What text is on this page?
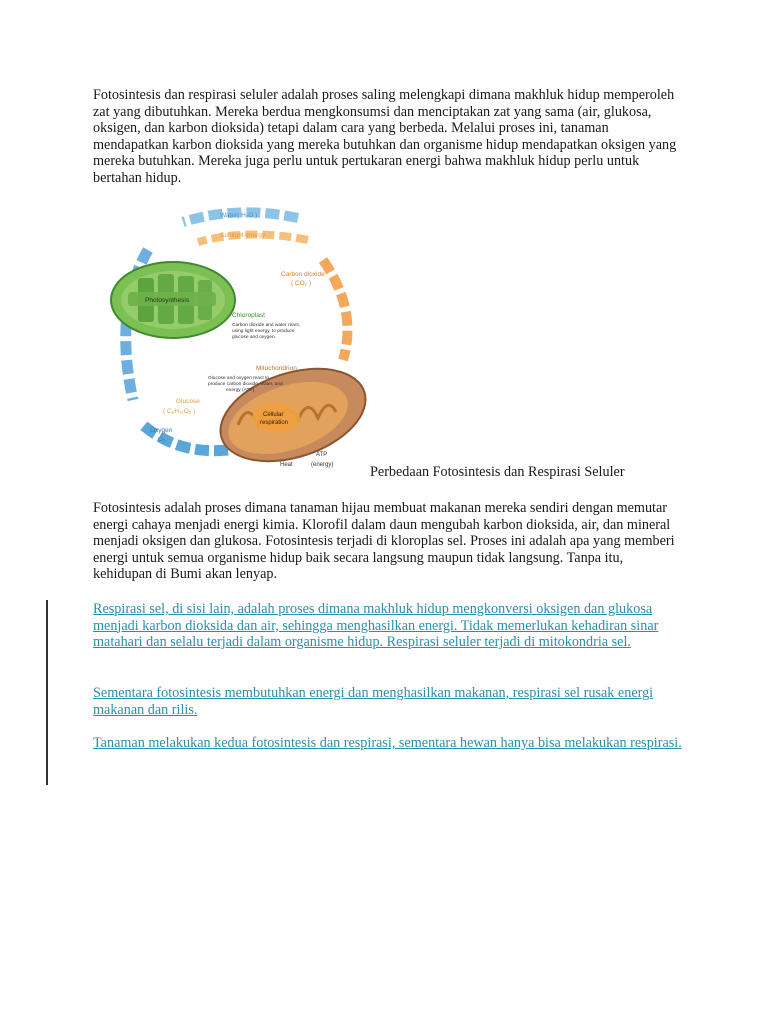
Fotosintesis dan respirasi seluler adalah proses saling melengkapi dimana makhluk hidup memperoleh zat yang dibutuhkan. Mereka berdua mengkonsumsi dan menciptakan zat yang sama (air, glukosa, oksigen, dan karbon dioksida) tetapi dalam cara yang berbeda. Melalui proses ini, tanaman mendapatkan karbon dioksida yang mereka butuhkan dan organisme hidup mendapatkan oksigen yang mereka butuhkan. Mereka juga perlu untuk pertukaran energi bahwa makhluk hidup perlu untuk bertahan hidup.

Photosynthesis
Cellular
respiration
Water( H₂O )
Sunlight energy
Carbon dioxide
( CO₂ )
Chloroplast
Carbon dioxide and water react,
using light energy, to produce
glucose and oxygen.
Mitochondrion
Glucose and oxygen react to
produce carbon dioxide, water, and
energy (ATP).
Glucose
( C₆H₁₂O₆ )
Oxygen
O₂
ATP
(energy)
Heat	Perbedaan Fotosintesis dan Respirasi Seluler

Fotosintesis adalah proses dimana tanaman hijau membuat makanan mereka sendiri dengan memutar energi cahaya menjadi energi kimia. Klorofil dalam daun mengubah karbon dioksida, air, dan mineral menjadi oksigen dan glukosa. Fotosintesis terjadi di kloroplas sel. Proses ini adalah apa yang memberi energi untuk semua organisme hidup baik secara langsung maupun tidak langsung. Tanpa itu, kehidupan di Bumi akan lenyap.

Respirasi sel, di sisi lain, adalah proses dimana makhluk hidup mengkonversi oksigen dan glukosa menjadi karbon dioksida dan air, sehingga menghasilkan energi. Tidak memerlukan kehadiran sinar matahari dan selalu terjadi dalam organisme hidup. Respirasi seluler terjadi di mitokondria sel.

Sementara fotosintesis membutuhkan energi dan menghasilkan makanan, respirasi sel rusak energi makanan dan rilis.

Tanaman melakukan kedua fotosintesis dan respirasi, sementara hewan hanya bisa melakukan respirasi.
